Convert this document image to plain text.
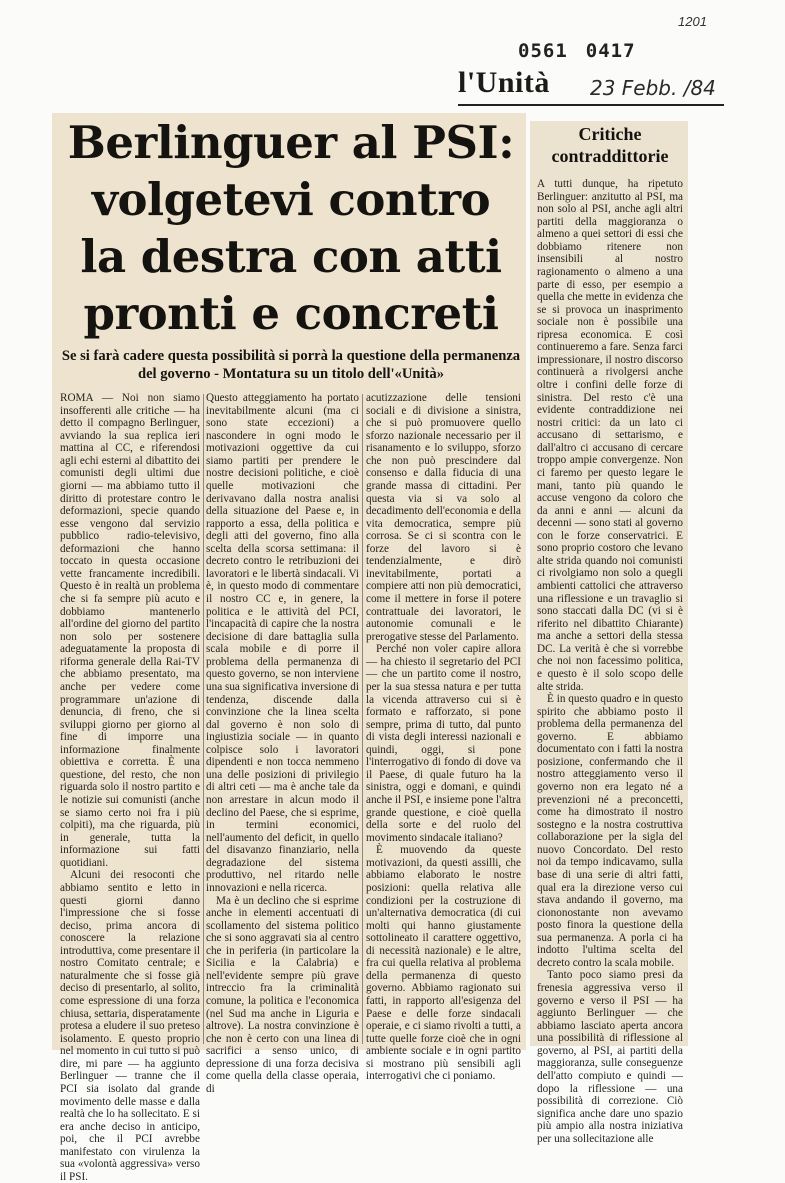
1201
0561 0417
l'Unità 23 Febb. /84
Berlinguer al PSI:
volgetevi contro
la destra con atti
pronti e concreti
Se si farà cadere questa possibilità si porrà la questione della permanenza del governo - Montatura su un titolo dell'«Unità»

ROMA — Noi non siamo insofferenti alle critiche — ha detto il compagno Berlinguer, avviando la sua replica ieri mattina al CC, e riferendosi agli echi esterni al dibattito dei comunisti degli ultimi due giorni — ma abbiamo tutto il diritto di protestare contro le deformazioni, specie quando esse vengono dal servizio pubblico radio-televisivo, deformazioni che hanno toccato in questa occasione vette francamente incredibili. Questo è in realtà un problema che si fa sempre più acuto e dobbiamo mantenerlo all'ordine del giorno del partito non solo per sostenere adeguatamente la proposta di riforma generale della Rai-TV che abbiamo presentato, ma anche per vedere come programmare un'azione di denuncia, di freno, che si sviluppi giorno per giorno al fine di imporre una informazione finalmente obiettiva e corretta. È una questione, del resto, che non riguarda solo il nostro partito e le notizie sui comunisti (anche se siamo certo noi fra i più colpiti), ma che riguarda, più in generale, tutta la informazione sui fatti quotidiani.

Alcuni dei resoconti che abbiamo sentito e letto in questi giorni danno l'impressione che si fosse deciso, prima ancora di conoscere la relazione introduttiva, come presentare il nostro Comitato centrale; e naturalmente che si fosse già deciso di presentarlo, al solito, come espressione di una forza chiusa, settaria, disperatamente protesa a eludere il suo preteso isolamento. E questo proprio nel momento in cui tutto si può dire, mi pare — ha aggiunto Berlinguer — tranne che il PCI sia isolato dal grande movimento delle masse e dalla realtà che lo ha sollecitato. E si era anche deciso in anticipo, poi, che il PCI avrebbe manifestato con virulenza la sua «volontà aggressiva» verso il PSI.

Questo atteggiamento ha portato inevitabilmente alcuni (ma ci sono state eccezioni) a nascondere in ogni modo le motivazioni oggettive da cui siamo partiti per prendere le nostre decisioni politiche, e cioè quelle motivazioni che derivavano dalla nostra analisi della situazione del Paese e, in rapporto a essa, della politica e degli atti del governo, fino alla scelta della scorsa settimana: il decreto contro le retribuzioni dei lavoratori e le libertà sindacali. Vi è, in questo modo di commentare il nostro CC e, in genere, la politica e le attività del PCI, l'incapacità di capire che la nostra decisione di dare battaglia sulla scala mobile e di porre il problema della permanenza di questo governo, se non interviene una sua significativa inversione di tendenza, discende dalla convinzione che la linea scelta dal governo è non solo di ingiustizia sociale — in quanto colpisce solo i lavoratori dipendenti e non tocca nemmeno una delle posizioni di privilegio di altri ceti — ma è anche tale da non arrestare in alcun modo il declino del Paese, che si esprime, in termini economici, nell'aumento del deficit, in quello del disavanzo finanziario, nella degradazione del sistema produttivo, nel ritardo nelle innovazioni e nella ricerca.

Ma è un declino che si esprime anche in elementi accentuati di scollamento del sistema politico che si sono aggravati sia al centro che in periferia (in particolare la Sicilia e la Calabria) e nell'evidente sempre più grave intreccio fra la criminalità comune, la politica e l'economica (nel Sud ma anche in Liguria e altrove). La nostra convinzione è che non è certo con una linea di sacrifici a senso unico, di depressione di una forza decisiva come quella della classe operaia, di

acutizzazione delle tensioni sociali e di divisione a sinistra, che si può promuovere quello sforzo nazionale necessario per il risanamento e lo sviluppo, sforzo che non può prescindere dal consenso e dalla fiducia di una grande massa di cittadini. Per questa via si va solo al decadimento dell'economia e della vita democratica, sempre più corrosa. Se ci si scontra con le forze del lavoro si è tendenzialmente, e dirò inevitabilmente, portati a compiere atti non più democratici, come il mettere in forse il potere contrattuale dei lavoratori, le autonomie comunali e le prerogative stesse del Parlamento.

Perché non voler capire allora — ha chiesto il segretario del PCI — che un partito come il nostro, per la sua stessa natura e per tutta la vicenda attraverso cui si è formato e rafforzato, si pone sempre, prima di tutto, dal punto di vista degli interessi nazionali e quindi, oggi, si pone l'interrogativo di fondo di dove va il Paese, di quale futuro ha la sinistra, oggi e domani, e quindi anche il PSI, e insieme pone l'altra grande questione, e cioè quella della sorte e del ruolo del movimento sindacale italiano?

È muovendo da queste motivazioni, da questi assilli, che abbiamo elaborato le nostre posizioni: quella relativa alle condizioni per la costruzione di un'alternativa democratica (di cui molti qui hanno giustamente sottolineato il carattere oggettivo, di necessità nazionale) e le altre, fra cui quella relativa al problema della permanenza di questo governo. Abbiamo ragionato sui fatti, in rapporto all'esigenza del Paese e delle forze sindacali operaie, e ci siamo rivolti a tutti, a tutte quelle forze cioè che in ogni ambiente sociale e in ogni partito si mostrano più sensibili agli interrogativi che ci poniamo.

Critiche contraddittorie

A tutti dunque, ha ripetuto Berlinguer: anzitutto al PSI, ma non solo al PSI, anche agli altri partiti della maggioranza o almeno a quei settori di essi che dobbiamo ritenere non insensibili al nostro ragionamento o almeno a una parte di esso, per esempio a quella che mette in evidenza che se si provoca un inasprimento sociale non è possibile una ripresa economica. E così continueremo a fare. Senza farci impressionare, il nostro discorso continuerà a rivolgersi anche oltre i confini delle forze di sinistra. Del resto c'è una evidente contraddizione nei nostri critici: da un lato ci accusano di settarismo, e dall'altro ci accusano di cercare troppo ampie convergenze. Non ci faremo per questo legare le mani, tanto più quando le accuse vengono da coloro che da anni e anni — alcuni da decenni — sono stati al governo con le forze conservatrici. E sono proprio costoro che levano alte strida quando noi comunisti ci rivolgiamo non solo a quegli ambienti cattolici che attraverso una riflessione e un travaglio si sono staccati dalla DC (vi si è riferito nel dibattito Chiarante) ma anche a settori della stessa DC. La verità è che si vorrebbe che noi non facessimo politica, e questo è il solo scopo delle alte strida.

È in questo quadro e in questo spirito che abbiamo posto il problema della permanenza del governo. E abbiamo documentato con i fatti la nostra posizione, confermando che il nostro atteggiamento verso il governo non era legato né a prevenzioni né a preconcetti, come ha dimostrato il nostro sostegno e la nostra costruttiva collaborazione per la sigla del nuovo Concordato. Del resto noi da tempo indicavamo, sulla base di una serie di altri fatti, qual era la direzione verso cui stava andando il governo, ma ciononostante non avevamo posto finora la questione della sua permanenza. A porla ci ha indotto l'ultima scelta del decreto contro la scala mobile.

Tanto poco siamo presi da frenesia aggressiva verso il governo e verso il PSI — ha aggiunto Berlinguer — che abbiamo lasciato aperta ancora una possibilità di riflessione al governo, al PSI, ai partiti della maggioranza, sulle conseguenze dell'atto compiuto e quindi — dopo la riflessione — una possibilità di correzione. Ciò significa anche dare uno spazio più ampio alla nostra iniziativa per una sollecitazione alle
